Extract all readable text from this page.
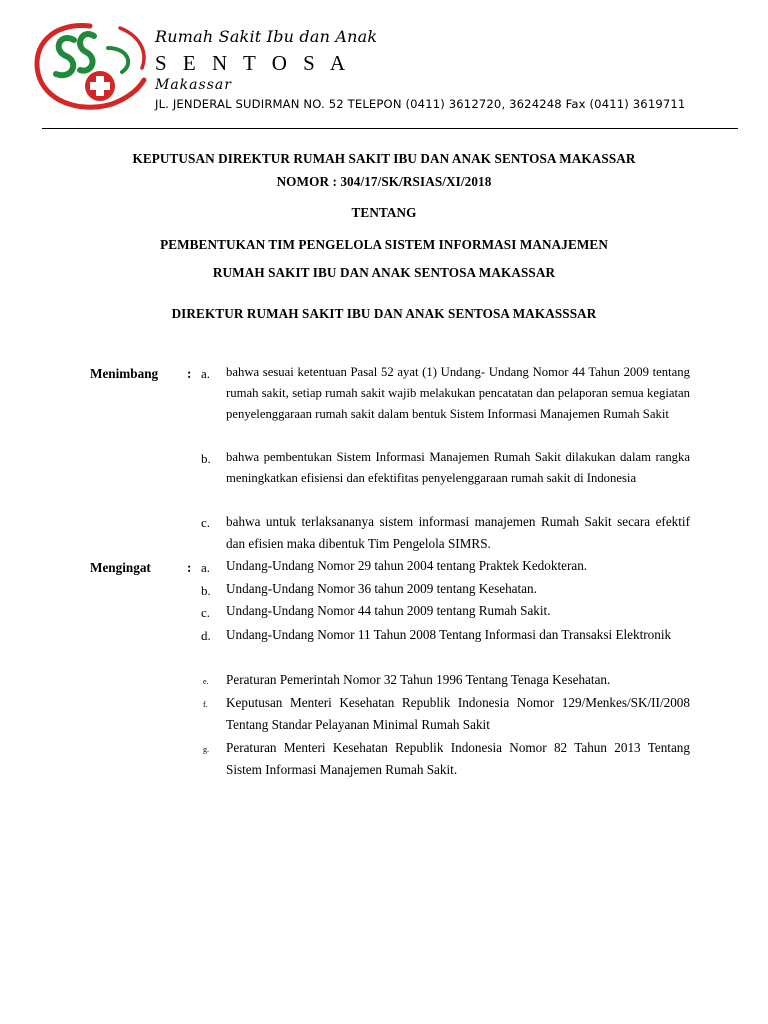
Rumah Sakit Ibu dan Anak
S E N T O S A
Makassar
JL. JENDERAL SUDIRMAN NO. 52 TELEPON (0411) 3612720, 3624248 Fax (0411) 3619711
KEPUTUSAN DIREKTUR RUMAH SAKIT IBU DAN ANAK SENTOSA MAKASSAR
NOMOR : 304/17/SK/RSIAS/XI/2018
TENTANG
PEMBENTUKAN TIM PENGELOLA SISTEM INFORMASI MANAJEMEN
RUMAH SAKIT IBU DAN ANAK SENTOSA MAKASSAR
DIREKTUR RUMAH SAKIT IBU DAN ANAK SENTOSA MAKASSSAR
Menimbang : a. bahwa sesuai ketentuan Pasal 52 ayat (1) Undang- Undang Nomor 44 Tahun 2009 tentang rumah sakit, setiap rumah sakit wajib melakukan pencatatan dan pelaporan semua kegiatan penyelenggaraan rumah sakit dalam bentuk Sistem Informasi Manajemen Rumah Sakit
b. bahwa pembentukan Sistem Informasi Manajemen Rumah Sakit dilakukan dalam rangka meningkatkan efisiensi dan efektifitas penyelenggaraan rumah sakit di Indonesia
c. bahwa untuk terlaksananya sistem informasi manajemen Rumah Sakit secara efektif dan efisien maka dibentuk Tim Pengelola SIMRS.
Mengingat	: a. Undang-Undang Nomor 29 tahun 2004 tentang Praktek Kedokteran.
b. Undang-Undang Nomor 36 tahun 2009 tentang Kesehatan.
c. Undang-Undang Nomor 44 tahun 2009 tentang Rumah Sakit.
d. Undang-Undang Nomor 11 Tahun 2008 Tentang Informasi dan Transaksi Elektronik
e. Peraturan Pemerintah Nomor 32 Tahun 1996 Tentang Tenaga Kesehatan.
f. Keputusan Menteri Kesehatan Republik Indonesia Nomor 129/Menkes/SK/II/2008 Tentang Standar Pelayanan Minimal Rumah Sakit
g. Peraturan Menteri Kesehatan Republik Indonesia Nomor 82 Tahun 2013 Tentang Sistem Informasi Manajemen Rumah Sakit.
